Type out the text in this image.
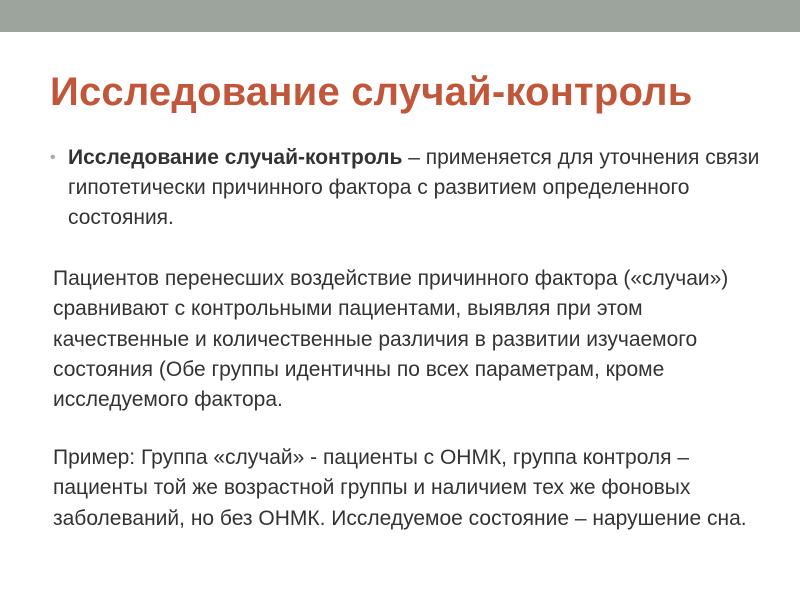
Исследование случай-контроль
• Исследование случай-контроль – применяется для уточнения связи гипотетически причинного фактора с развитием определенного состояния.

Пациентов перенесших воздействие причинного фактора («случаи») сравнивают с контрольными пациентами, выявляя при этом качественные и количественные различия в развитии изучаемого состояния (Обе группы идентичны по всех параметрам, кроме исследуемого фактора.

Пример: Группа «случай» - пациенты с ОНМК, группа контроля – пациенты той же возрастной группы и наличием тех же фоновых заболеваний, но без ОНМК. Исследуемое состояние – нарушение сна.
